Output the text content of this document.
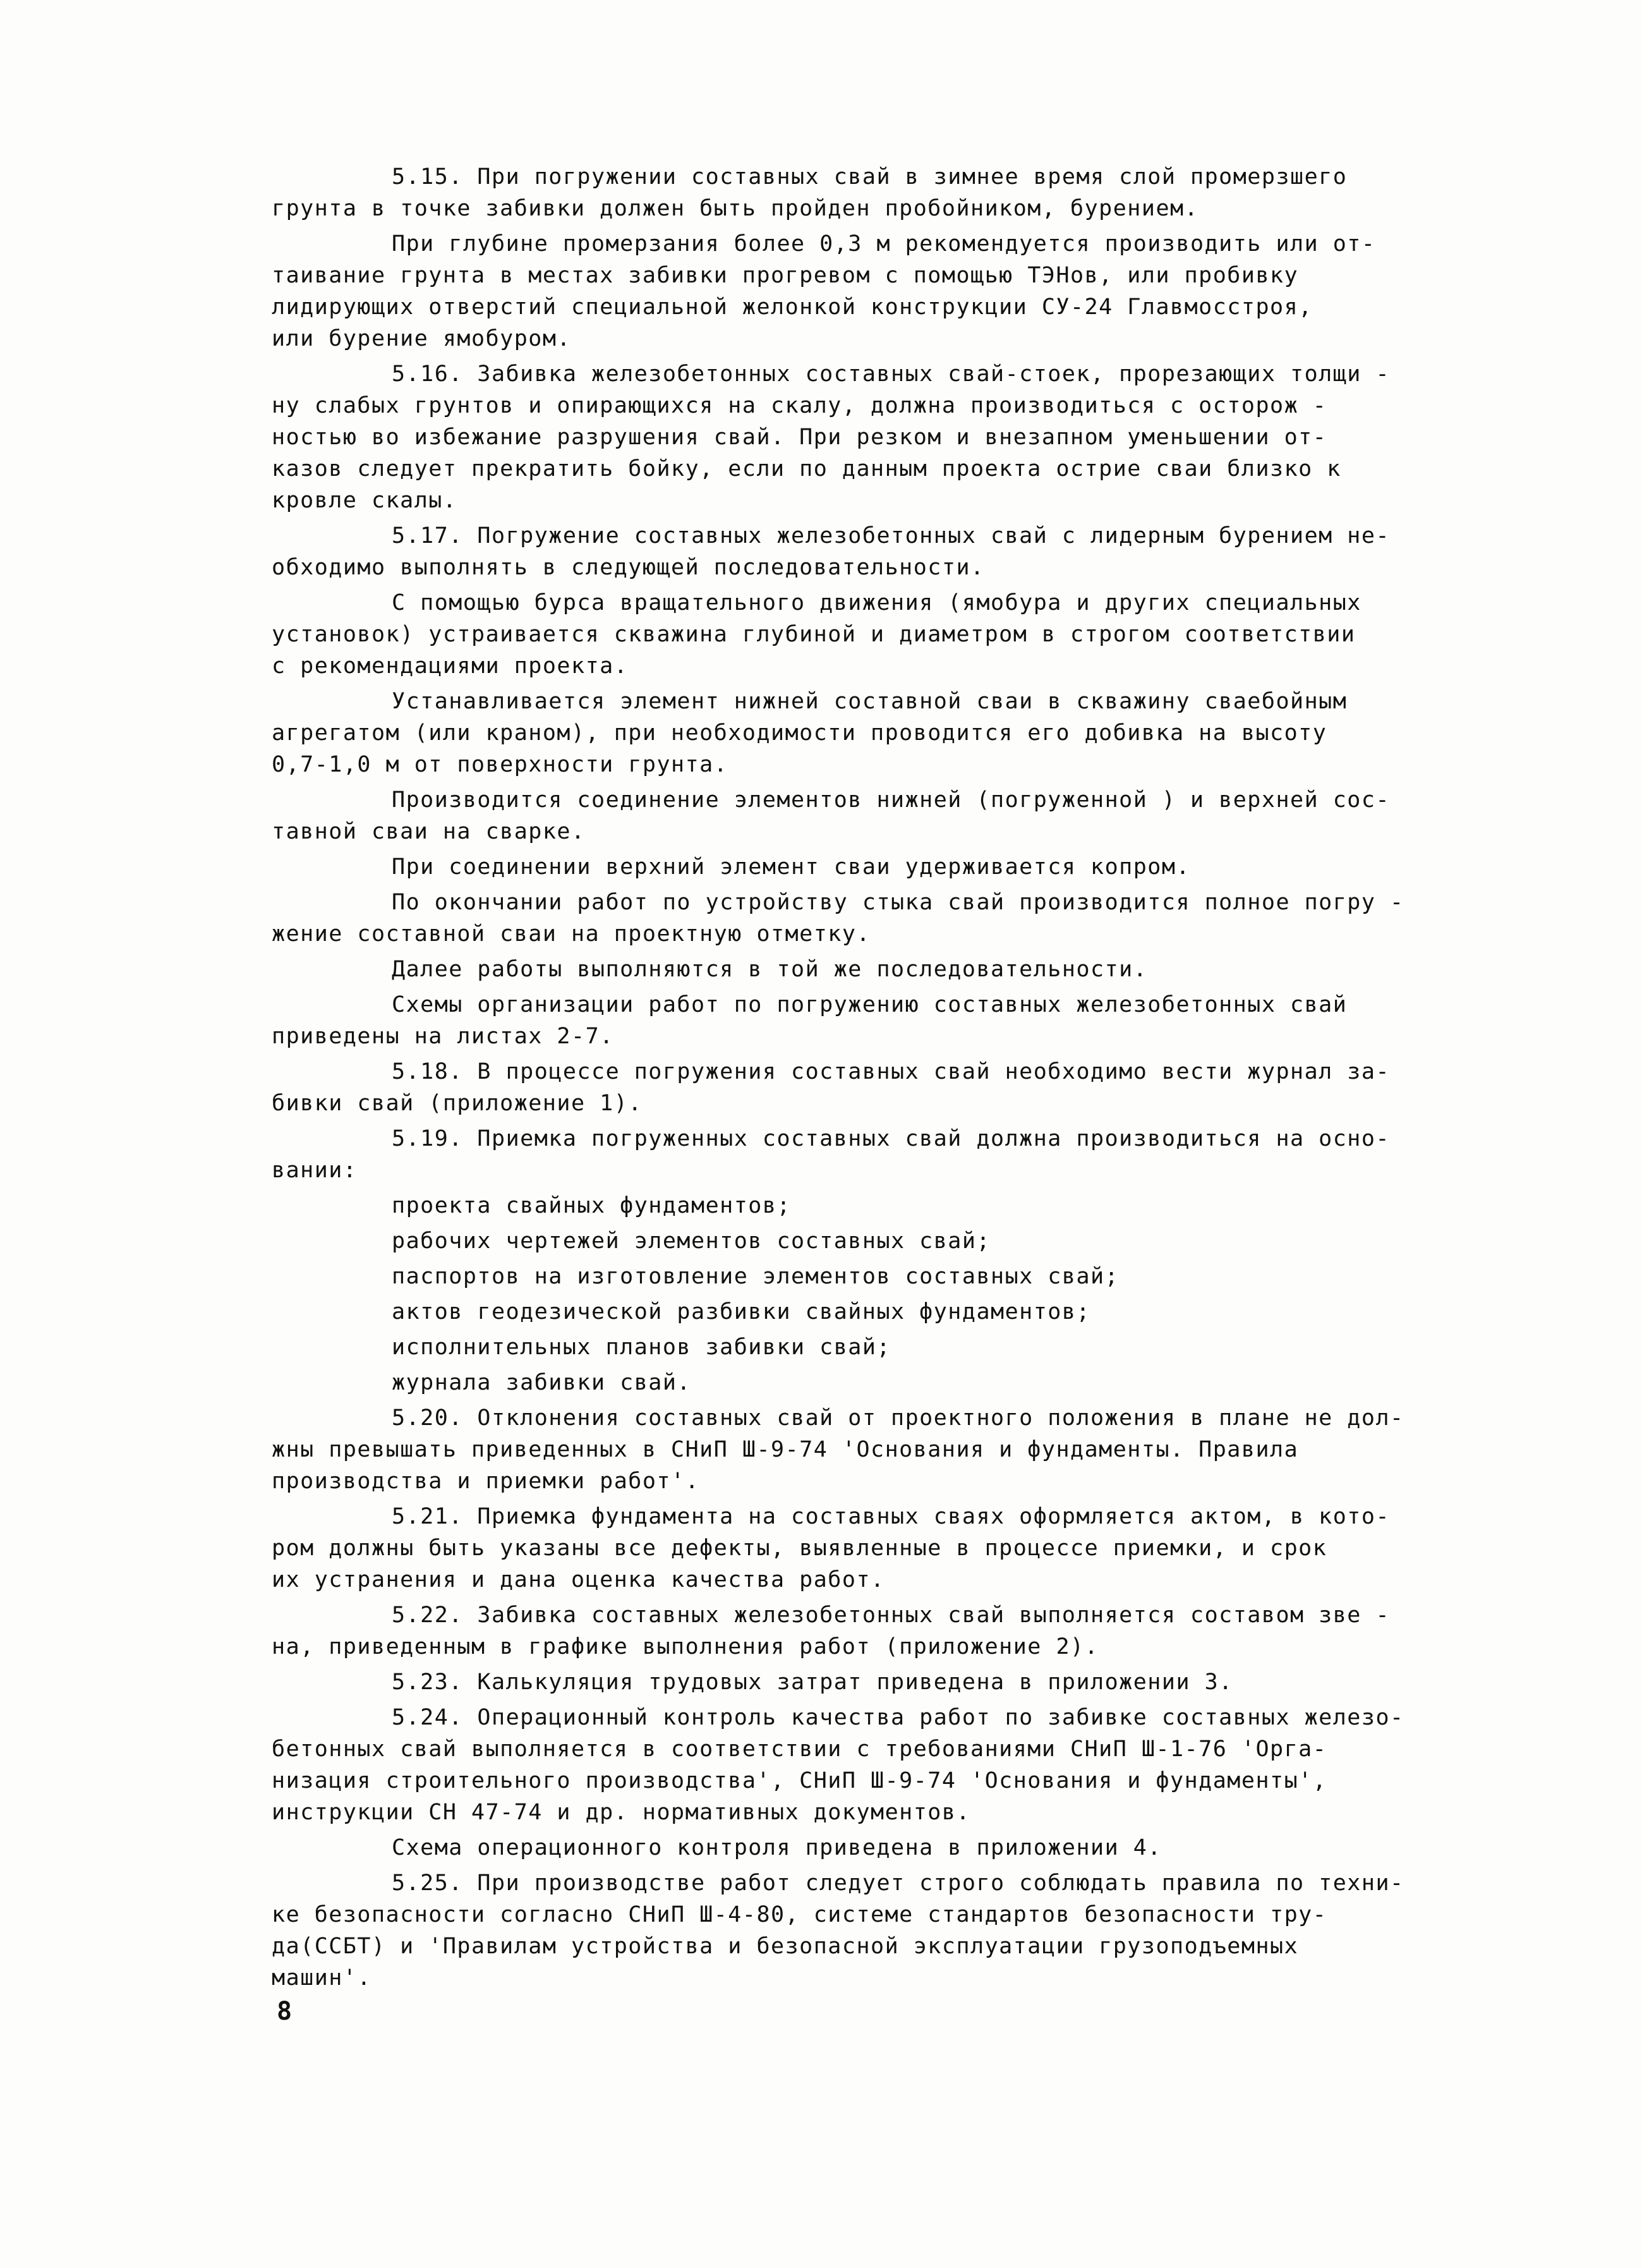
5.15. При погружении составных свай в зимнее время слой промерзшего
грунта в точке забивки должен быть пройден пробойником, бурением.
При глубине промерзания более 0,3 м рекомендуется производить или от-
таивание грунта в местах забивки прогревом с помощью ТЭНов, или пробивку
лидирующих отверстий специальной желонкой конструкции СУ-24 Главмосстроя,
или бурение ямобуром.
5.16. Забивка железобетонных составных свай-стоек, прорезающих толщи -
ну слабых грунтов и опирающихся на скалу, должна производиться с осторож -
ностью во избежание разрушения свай. При резком и внезапном уменьшении от-
казов следует прекратить бойку, если по данным проекта острие сваи близко к
кровле скалы.
5.17. Погружение составных железобетонных свай с лидерным бурением не-
обходимо выполнять в следующей последовательности.
С помощью бурса вращательного движения (ямобура и других специальных
установок) устраивается скважина глубиной и диаметром в строгом соответствии
с рекомендациями проекта.
Устанавливается элемент нижней составной сваи в скважину сваебойным
агрегатом (или краном), при необходимости проводится его добивка на высоту
0,7-1,0 м от поверхности грунта.
Производится соединение элементов нижней (погруженной ) и верхней сос-
тавной сваи на сварке.
При соединении верхний элемент сваи удерживается копром.
По окончании работ по устройству стыка свай производится полное погру -
жение составной сваи на проектную отметку.
Далее работы выполняются в той же последовательности.
Схемы организации работ по погружению составных железобетонных свай
приведены на листах 2-7.
5.18. В процессе погружения составных свай необходимо вести журнал за-
бивки свай (приложение 1).
5.19. Приемка погруженных составных свай должна производиться на осно-
вании:
проекта свайных фундаментов;
рабочих чертежей элементов составных свай;
паспортов на изготовление элементов составных свай;
актов геодезической разбивки свайных фундаментов;
исполнительных планов забивки свай;
журнала забивки свай.
5.20. Отклонения составных свай от проектного положения в плане не дол-
жны превышать приведенных в СНиП Ш-9-74 'Основания и фундаменты. Правила
производства и приемки работ'.
5.21. Приемка фундамента на составных сваях оформляется актом, в кото-
ром должны быть указаны все дефекты, выявленные в процессе приемки, и срок
их устранения и дана оценка качества работ.
5.22. Забивка составных железобетонных свай выполняется составом зве -
на, приведенным в графике выполнения работ (приложение 2).
5.23. Калькуляция трудовых затрат приведена в приложении 3.
5.24. Операционный контроль качества работ по забивке составных железо-
бетонных свай выполняется в соответствии с требованиями СНиП Ш-1-76 'Орга-
низация строительного производства', СНиП Ш-9-74 'Основания и фундаменты',
инструкции СН 47-74 и др. нормативных документов.
Схема операционного контроля приведена в приложении 4.
5.25. При производстве работ следует строго соблюдать правила по техни-
ке безопасности согласно СНиП Ш-4-80, системе стандартов безопасности тру-
да(ССБТ) и 'Правилам устройства и безопасной эксплуатации грузоподъемных
машин'.
8
